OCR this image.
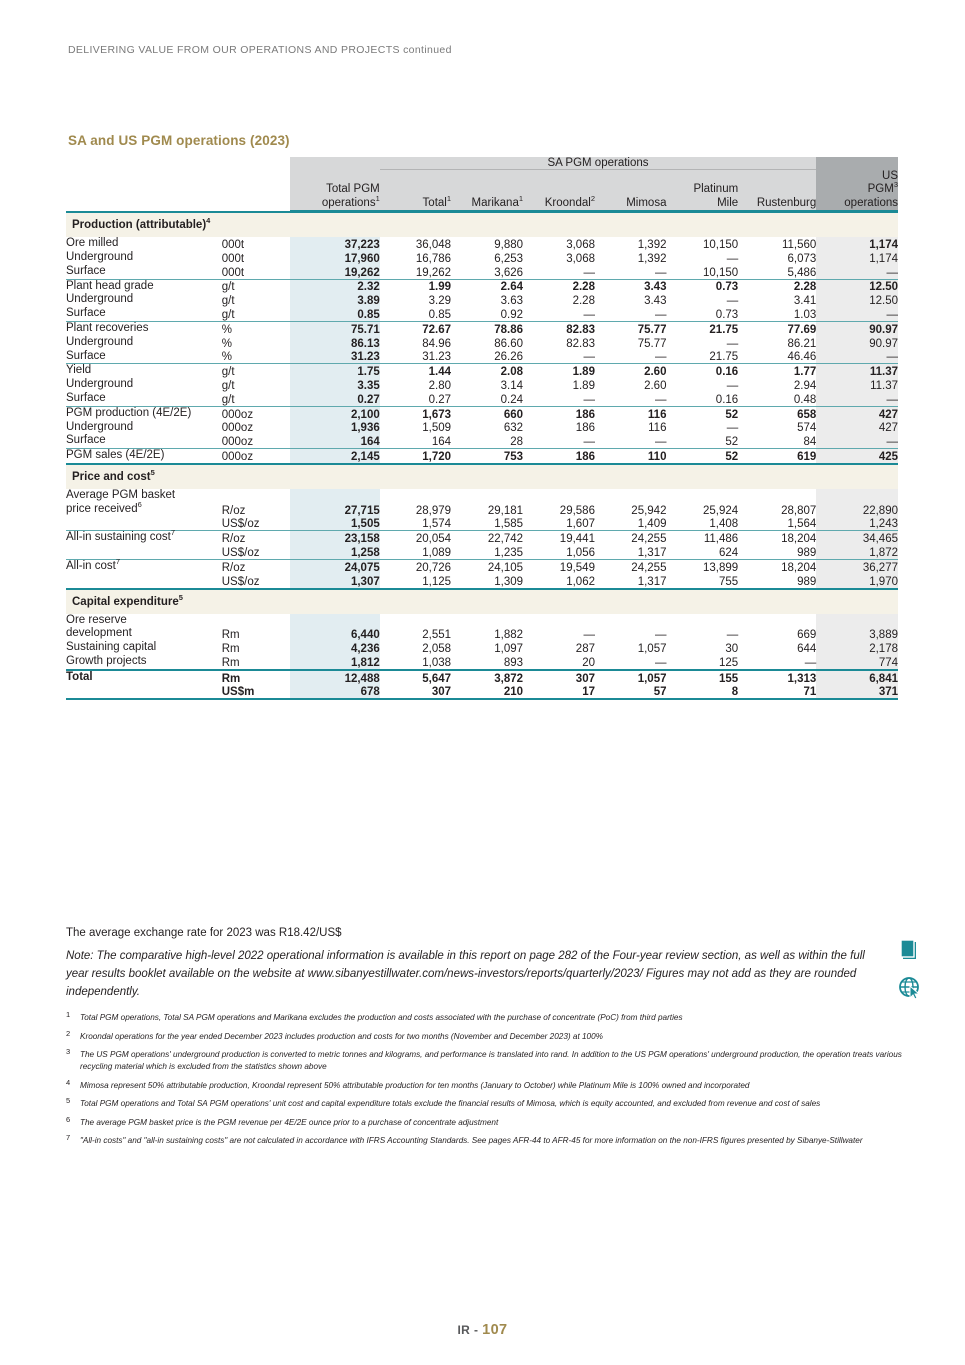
DELIVERING VALUE FROM OUR OPERATIONS AND PROJECTS continued
SA and US PGM operations (2023)
			SA PGM operations						
		Total PGM
operations$^1$	Total$^1$	Marikana$^1$	Kroondal$^2$	Mimosa	Platinum
Mile	Rustenburg	US
PGM$^3$
operations
Production (attributable)$^4$
Ore milled	000t	37,223	36,048	9,880	3,068	1,392	10,150	11,560	1,174
Underground	000t	17,960	16,786	6,253	3,068	1,392	—	6,073	1,174
Surface	000t	19,262	19,262	3,626	—	—	10,150	5,486	—
Plant head grade	g/t	2.32	1.99	2.64	2.28	3.43	0.73	2.28	12.50
Underground	g/t	3.89	3.29	3.63	2.28	3.43	—	3.41	12.50
Surface	g/t	0.85	0.85	0.92	—	—	0.73	1.03	—
Plant recoveries	%	75.71	72.67	78.86	82.83	75.77	21.75	77.69	90.97
Underground	%	86.13	84.96	86.60	82.83	75.77	—	86.21	90.97
Surface	%	31.23	31.23	26.26	—	—	21.75	46.46	—
Yield	g/t	1.75	1.44	2.08	1.89	2.60	0.16	1.77	11.37
Underground	g/t	3.35	2.80	3.14	1.89	2.60	—	2.94	11.37
Surface	g/t	0.27	0.27	0.24	—	—	0.16	0.48	—
PGM production (4E/2E)	000oz	2,100	1,673	660	186	116	52	658	427
Underground	000oz	1,936	1,509	632	186	116	—	574	427
Surface	000oz	164	164	28	—	—	52	84	—
PGM sales (4E/2E)	000oz	2,145	1,720	753	186	110	52	619	425
Price and cost$^5$
Average PGM basket
price received$^6$	R/oz	27,715	28,979	29,181	29,586	25,942	25,924	28,807	22,890
	US$/oz	1,505	1,574	1,585	1,607	1,409	1,408	1,564	1,243
All-in sustaining cost$^7$	R/oz	23,158	20,054	22,742	19,441	24,255	11,486	18,204	34,465
	US$/oz	1,258	1,089	1,235	1,056	1,317	624	989	1,872
All-in cost$^7$	R/oz	24,075	20,726	24,105	19,549	24,255	13,899	18,204	36,277
	US$/oz	1,307	1,125	1,309	1,062	1,317	755	989	1,970
Capital expenditure$^5$
Ore reserve
development	Rm	6,440	2,551	1,882	—	—	—	669	3,889
Sustaining capital	Rm	4,236	2,058	1,097	287	1,057	30	644	2,178
Growth projects	Rm	1,812	1,038	893	20	—	125	—	774
Total	Rm	12,488	5,647	3,872	307	1,057	155	1,313	6,841
	US$m	678	307	210	17	57	8	71	371
The average exchange rate for 2023 was R18.42/US$
Note: The comparative high-level 2022 operational information is available in this report on page 282 of the Four-year review section, as well as within the full year results booklet available on the website at www.sibanyestillwater.com/news-investors/reports/quarterly/2023/ Figures may not add as they are rounded independently.
1 Total PGM operations, Total SA PGM operations and Marikana excludes the production and costs associated with the purchase of concentrate (PoC) from third parties
2 Kroondal operations for the year ended December 2023 includes production and costs for two months (November and December 2023) at 100%
3 The US PGM operations' underground production is converted to metric tonnes and kilograms, and performance is translated into rand. In addition to the US PGM operations' underground production, the operation treats various recycling material which is excluded from the statistics shown above
4 Mimosa represent 50% attributable production, Kroondal represent 50% attributable production for ten months (January to October) while Platinum Mile is 100% owned and incorporated
5 Total PGM operations and Total SA PGM operations' unit cost and capital expenditure totals exclude the financial results of Mimosa, which is equity accounted, and excluded from revenue and cost of sales
6 The average PGM basket price is the PGM revenue per 4E/2E ounce prior to a purchase of concentrate adjustment
7 "All-in costs" and "all-in sustaining costs" are not calculated in accordance with IFRS Accounting Standards. See pages AFR-44 to AFR-45 for more information on the non-IFRS figures presented by Sibanye-Stillwater
IR - 107
